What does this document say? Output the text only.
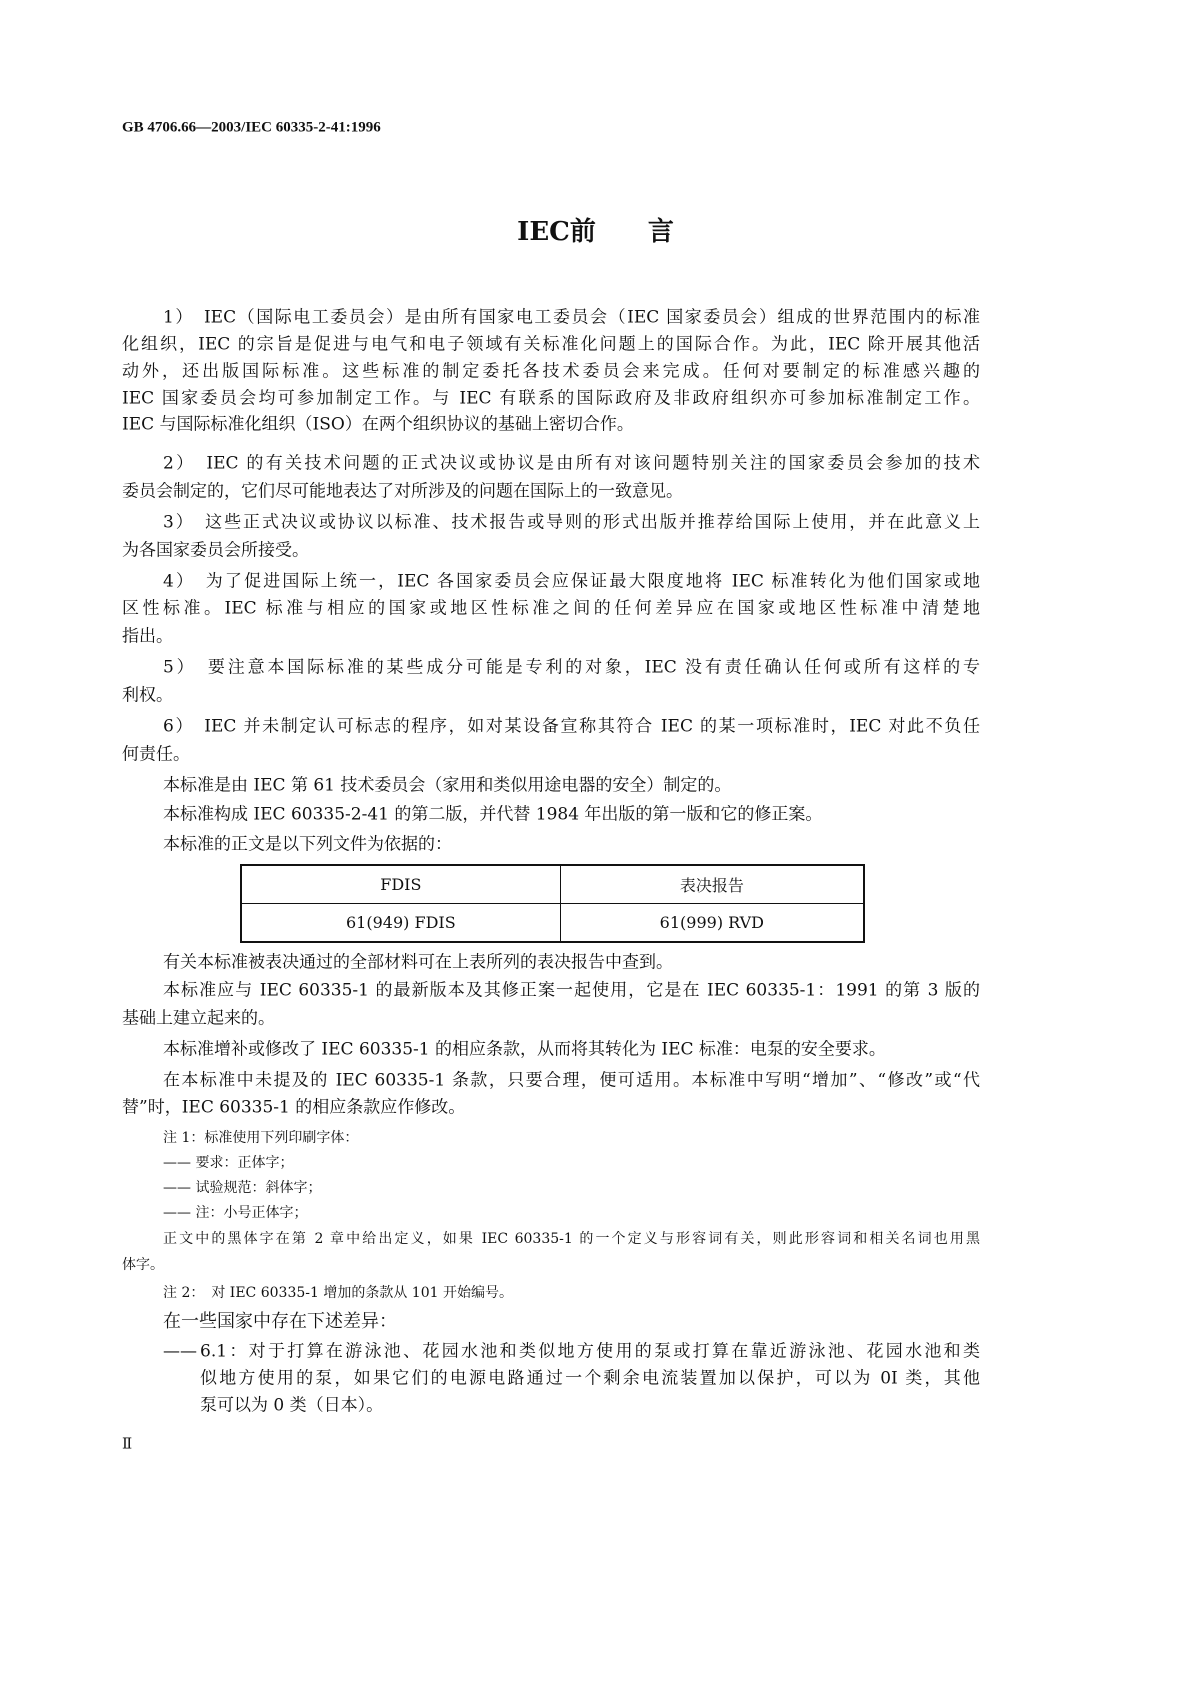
GB 4706.66—2003/IEC 60335-2-41:1996
IEC前　　言
FDIS	表决报告
61(949) FDIS	61(999) RVD
1）　IEC（国际电工委员会）是由所有国家电工委员会（IEC 国家委员会）组成的世界范围内的标准
化组织，IEC 的宗旨是促进与电气和电子领域有关标准化问题上的国际合作。为此，IEC 除开展其他活
动外，还出版国际标准。这些标准的制定委托各技术委员会来完成。任何对要制定的标准感兴趣的
IEC 国家委员会均可参加制定工作。与 IEC 有联系的国际政府及非政府组织亦可参加标准制定工作。
IEC 与国际标准化组织（ISO）在两个组织协议的基础上密切合作。
2）　IEC 的有关技术问题的正式决议或协议是由所有对该问题特别关注的国家委员会参加的技术
委员会制定的，它们尽可能地表达了对所涉及的问题在国际上的一致意见。
3）　这些正式决议或协议以标准、技术报告或导则的形式出版并推荐给国际上使用，并在此意义上
为各国家委员会所接受。
4）　为了促进国际上统一，IEC 各国家委员会应保证最大限度地将 IEC 标准转化为他们国家或地
区性标准。IEC 标准与相应的国家或地区性标准之间的任何差异应在国家或地区性标准中清楚地
指出。
5）　要注意本国际标准的某些成分可能是专利的对象，IEC 没有责任确认任何或所有这样的专
利权。
6）　IEC 并未制定认可标志的程序，如对某设备宣称其符合 IEC 的某一项标准时，IEC 对此不负任
何责任。
本标准是由 IEC 第 61 技术委员会（家用和类似用途电器的安全）制定的。
本标准构成 IEC 60335-2-41 的第二版，并代替 1984 年出版的第一版和它的修正案。
本标准的正文是以下列文件为依据的：
有关本标准被表决通过的全部材料可在上表所列的表决报告中查到。
本标准应与 IEC 60335-1 的最新版本及其修正案一起使用，它是在 IEC 60335-1：1991 的第 3 版的
基础上建立起来的。
本标准增补或修改了 IEC 60335-1 的相应条款，从而将其转化为 IEC 标准：电泵的安全要求。
在本标准中未提及的 IEC 60335-1 条款，只要合理，便可适用。本标准中写明“增加”、“修改”或“代
替”时，IEC 60335-1 的相应条款应作修改。
注 1：标准使用下列印刷字体：
—— 要求：正体字；
—— 试验规范：斜体字；
—— 注：小号正体字；
正文中的黑体字在第 2 章中给出定义，如果 IEC 60335-1 的一个定义与形容词有关，则此形容词和相关名词也用黑
体字。
注 2：　对 IEC 60335-1 增加的条款从 101 开始编号。
在一些国家中存在下述差异：
—— 6.1：对于打算在游泳池、花园水池和类似地方使用的泵或打算在靠近游泳池、花园水池和类
似地方使用的泵，如果它们的电源电路通过一个剩余电流装置加以保护，可以为 0I 类，其他
泵可以为 0 类（日本）。
Ⅱ
